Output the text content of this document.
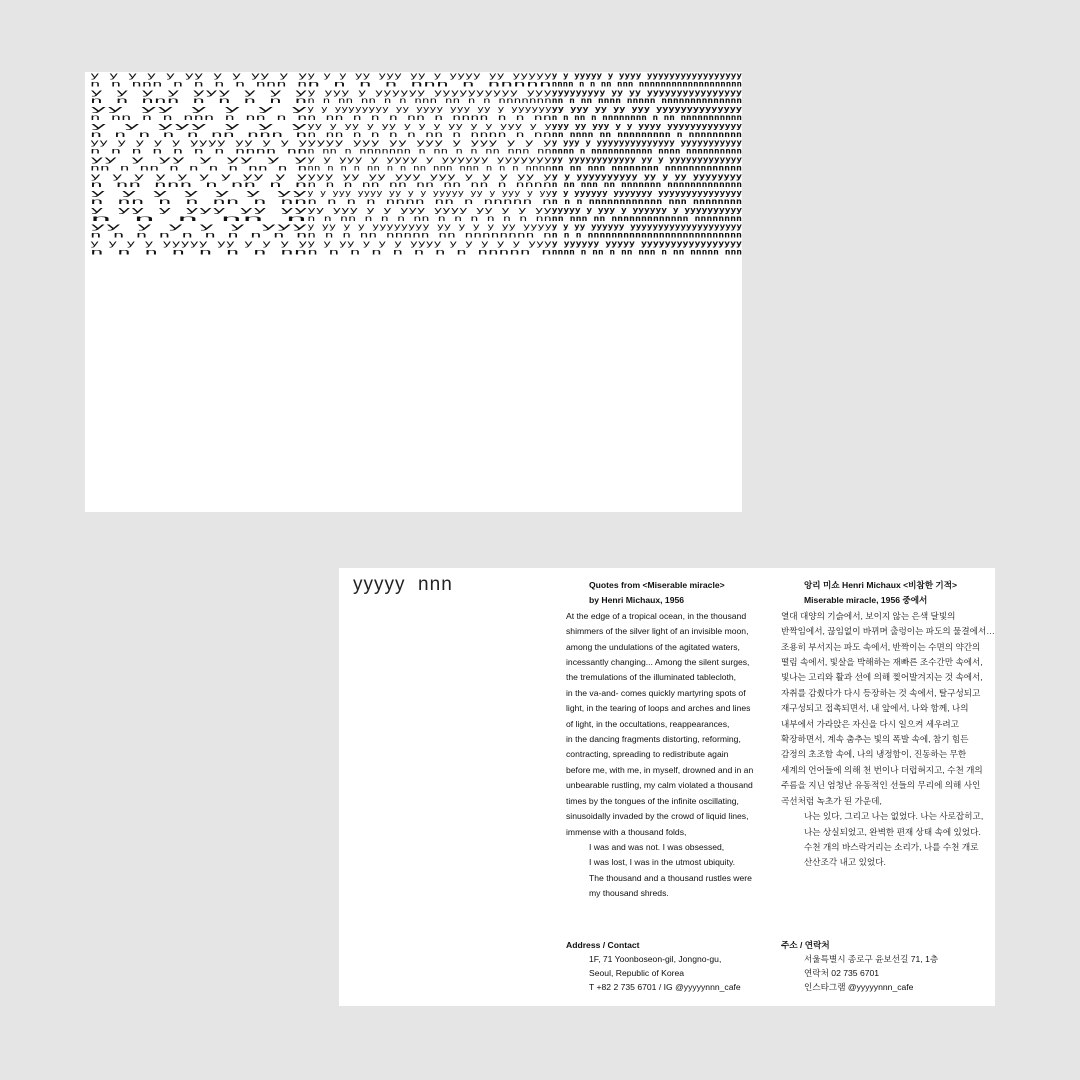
y y y y y yy y y yy y y
y y y yy yyy yy y yyyy yy yyyyy y y yyyyy y yyyy yyyyyyyyyyyyyyyyy
n n nnn n n n n nnn n n n n n nnn n nnnnn nnnn n n nn nnn nnnnnnnnnnnnnnnnnnn
y y y y yyy y y y
y yyy y yyyyyy yyyyyyyyyy yyy yyyyyyyyy yy yy yyyyyyyyyyyyyyyy
n n nnn n n n n n n n nn nn n n nnn nn n n nnnnnnn nn n nn nnnn nnnnn nnnnnnnnnnnnnn
yy yy y y y y
y y yyyyyyyy yy yyyy yyy yy y yyyyyy yy yyy yy yy yyy yyyyyyyyyyyyyy
n nn n n nnn n nn n n n nn n n n nn n nnnn n n nn n n nn n nnnnnnnn n nn nnnnnnnnnnn
y y yyy y y y
yy y yy y yy y y y yy y y yyy y y yyy yy yyy y y yyyy yyyyyyyyyyyyy
n n n n n nn nnn n n nn n n n n nn n nnnn n nn nn nnnn nn nnnnnnnnn n nnnnnnnnn
yy y y y y yyyy yy y y y yyyy yyy yy yyy y yyy y y y y yyy y yyyyyyyyyyyyyy yyyyyyyyyyy
n n n n n n n nnnn nn n nn n nnnnnnn n nn n n nn nnn nn nnnn n nnnnnnnnnnn nnnn nnnnnnnnnn
yy y yy y yy y y
y y yyy y yyyy y yyyyyy yyyyyyy yy yyyyyyyyyyyy yy y yyyyyyyyyyyyy
nn n nn n n n n nn n n nn n n n nn n n nn nnn nnn n n n nnnn nn nn nnn nnnnnnnn nnnnnnnnnnnnn
y y y y y y y yy y y
yyy yy yy yyy yyy y y y yy y y y yyyyyyyyyy yy y yy yyyyyyyy
n nn nnn n nn n n n n n nn nn nn nn nn n nnnn n nn nnn nn nnnnnnn nnnnnnnnnnnnn
y y y y y y yy
y y yyy yyyy yy y y yyyyy yy y yyy y yy y y yyyyyy yyyyyyy yyyyyyyyyyyyyyy
n nn n n nn n nn n n n n nnnn nn n nnnnn n n n n nnnnnnnnnnnn nnn nnnnnnnn
y yy y yyy yy yy
yy yyy y y yyy yyyy yy y y yy yyyyy y yyy y yyyyyy y yyyyyyyyyy
n n n nn n n n nn n n n nn n n n n n n nn nn nnn nn nnnnnnnnnnnnn nnnnnnnn
yy y y y y yyy
y yy y y yyyyyyyy yy y y y yy yyyy y y yy yyyyyy yyyyyyyyyyyyyyyyyyyy
n n n n n n n n n n n n n nn nnnnn nn nnnnnnnn n n n n nnnnnnnnnnnnnnnnnnnnnnnnnn
y y y y yyyyy yy y y y y y y yy y y y yyyy y y y y y yyy y yyyyyy yyyyy yyyyyyyyyyyyyyyyy
n n n n n n n nn n n n n n n n n nnnnn n nnnn n nn n nn nnn n nn nnnnn nnn
yyyyy  nnn	Quotes from <Miserable miracle>
by Henri Michaux, 1956
At the edge of a tropical ocean, in the thousand
shimmers of the silver light of an invisible moon,
among the undulations of the agitated waters,
incessantly changing... Among the silent surges,
the tremulations of the illuminated tablecloth,
in the va-and- comes quickly martyring spots of
light, in the tearing of loops and arches and lines
of light, in the occultations, reappearances,
in the dancing fragments distorting, reforming,
contracting, spreading to redistribute again
before me, with me, in myself, drowned and in an
unbearable rustling, my calm violated a thousand
times by the tongues of the infinite oscillating,
sinusoidally invaded by the crowd of liquid lines,
immense with a thousand folds,
I was and was not. I was obsessed,
I was lost, I was in the utmost ubiquity.
The thousand and a thousand rustles were
my thousand shreds.
앙리 미쇼 Henri Michaux <비참한 기적>
Miserable miracle, 1956 중에서
열대 대양의 기슭에서, 보이지 않는 은색 달빛의
반짝임에서, 끊임없이 바뀌며 출렁이는 파도의 물결에서…
조용히 부서지는 파도 속에서, 반짝이는 수면의 약간의
떨림 속에서, 빛살을 박해하는 재빠른 조수간만 속에서,
빛나는 고리와 활과 선에 의해 찢어발겨지는 것 속에서,
자취를 감췄다가 다시 등장하는 것 속에서, 탈구성되고
재구성되고 접촉되면서, 내 앞에서, 나와 함께, 나의
내부에서 가라앉은 자신을 다시 일으켜 세우려고
확장하면서, 계속 춤추는 빛의 폭발 속에, 참기 힘든
감정의 초조함 속에, 나의 냉정함이, 진동하는 무한
세계의 언어들에 의해 천 번이나 더럽혀지고, 수천 개의
주름을 지닌 엄청난 유동적인 선들의 무리에 의해 사인
곡선처럼 녹초가 된 가운데,
나는 있다, 그리고 나는 없었다. 나는 사로잡히고,
나는 상실되었고, 완벽한 편재 상태 속에 있었다.
수천 개의 바스락거리는 소리가, 나를 수천 개로
산산조각 내고 있었다.
Address / Contact
1F, 71 Yoonboseon-gil, Jongno-gu,
Seoul, Republic of Korea
T +82 2 735 6701 / IG @yyyyynnn_cafe
주소 / 연락처
서울특별시 종로구 윤보선길 71, 1층
연락처 02 735 6701
인스타그램 @yyyyynnn_cafe
